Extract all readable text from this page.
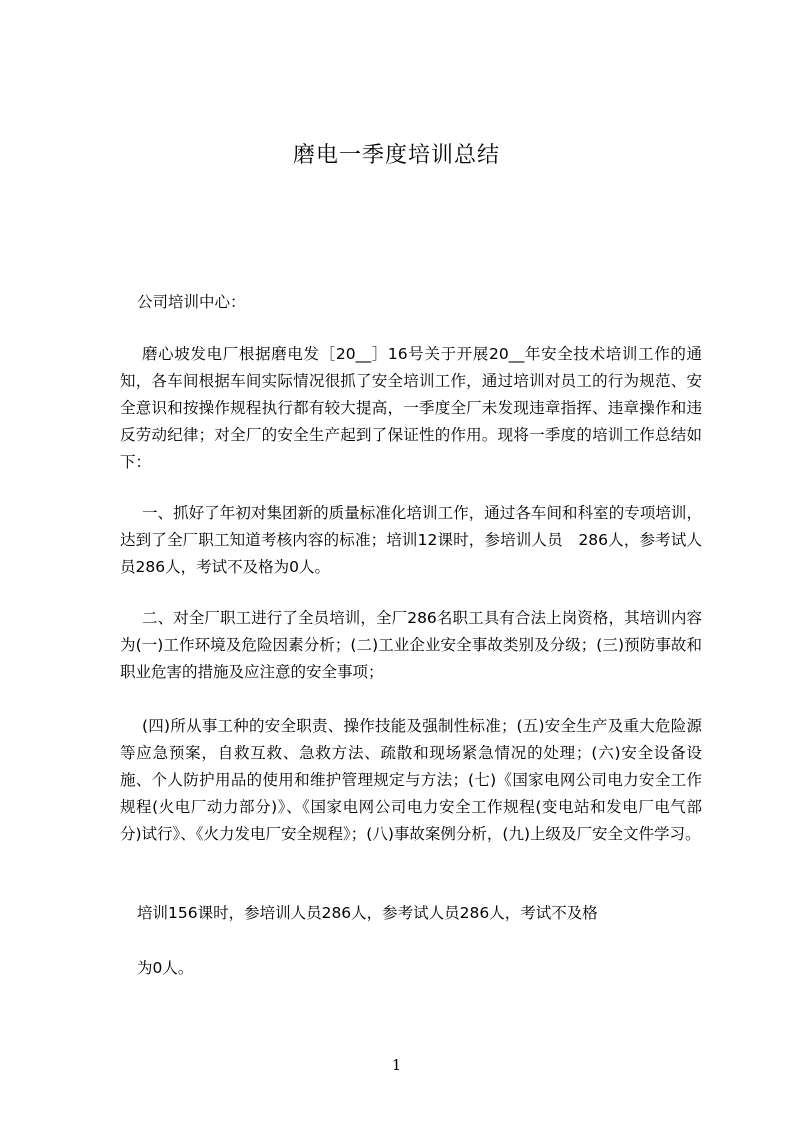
磨电一季度培训总结

公司培训中心：

磨心坡发电厂根据磨电发［20__］16号关于开展20__年安全技术培训工作的通知，各车间根据车间实际情况很抓了安全培训工作，通过培训对员工的行为规范、安全意识和按操作规程执行都有较大提高，一季度全厂未发现违章指挥、违章操作和违反劳动纪律；对全厂的安全生产起到了保证性的作用。现将一季度的培训工作总结如下：

一、抓好了年初对集团新的质量标准化培训工作，通过各车间和科室的专项培训，达到了全厂职工知道考核内容的标准；培训12课时，参培训人员　286人，参考试人员286人，考试不及格为0人。

二、对全厂职工进行了全员培训，全厂286名职工具有合法上岗资格，其培训内容为(一)工作环境及危险因素分析；(二)工业企业安全事故类别及分级；(三)预防事故和职业危害的措施及应注意的安全事项；

(四)所从事工种的安全职责、操作技能及强制性标准；(五)安全生产及重大危险源等应急预案，自救互救、急救方法、疏散和现场紧急情况的处理；(六)安全设备设施、个人防护用品的使用和维护管理规定与方法；(七)《国家电网公司电力安全工作规程(火电厂动力部分)》、《国家电网公司电力安全工作规程(变电站和发电厂电气部分)试行》、《火力发电厂安全规程》；(八)事故案例分析，(九)上级及厂安全文件学习。

培训156课时，参培训人员286人，参考试人员286人，考试不及格

为0人。

1
